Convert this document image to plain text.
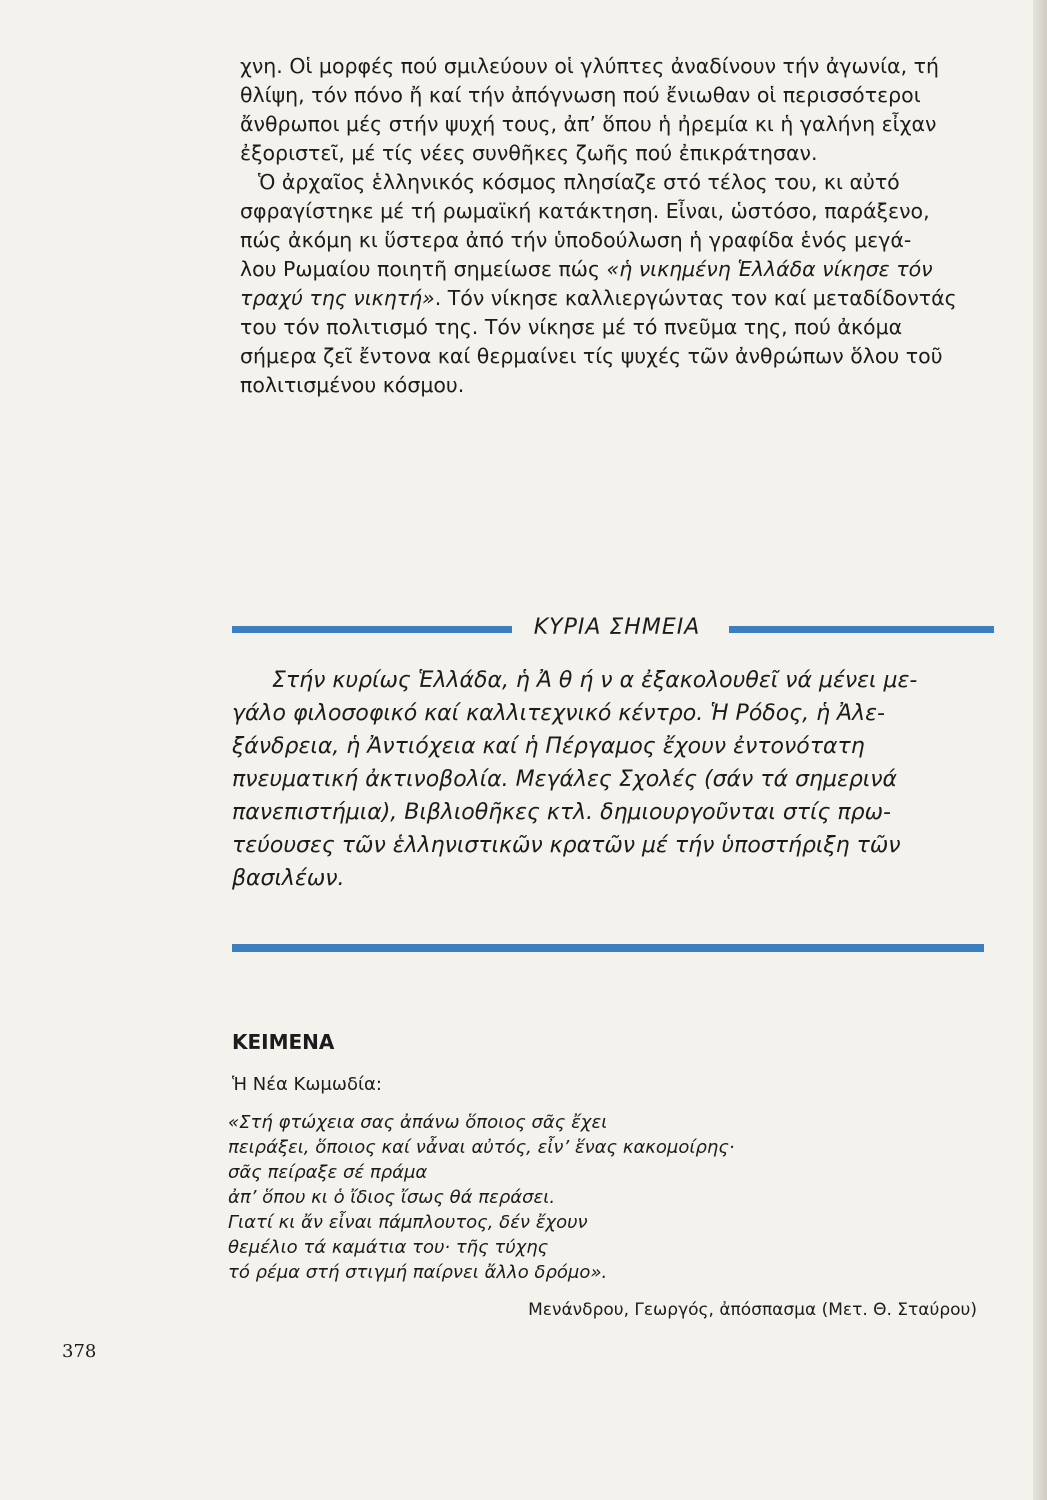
χνη. Οἱ μορφές πού σμιλεύουν οἱ γλύπτες ἀναδίνουν τήν ἀγωνία, τή
θλίψη, τόν πόνο ἤ καί τήν ἀπόγνωση πού ἔνιωθαν οἱ περισσότεροι
ἄνθρωποι μές στήν ψυχή τους, ἀπ’ ὅπου ἡ ἠρεμία κι ἡ γαλήνη εἶχαν
ἐξοριστεῖ, μέ τίς νέες συνθῆκες ζωῆς πού ἐπικράτησαν.
Ὁ ἀρχαῖος ἑλληνικός κόσμος πλησίαζε στό τέλος του, κι αὐτό
σφραγίστηκε μέ τή ρωμαϊκή κατάκτηση. Εἶναι, ὡστόσο, παράξενο,
πώς ἀκόμη κι ὕστερα ἀπό τήν ὑποδούλωση ἡ γραφίδα ἑνός μεγά-
λου Ρωμαίου ποιητῆ σημείωσε πώς «ἡ νικημένη Ἑλλάδα νίκησε τόν
τραχύ της νικητή». Τόν νίκησε καλλιεργώντας τον καί μεταδίδοντάς
του τόν πολιτισμό της. Τόν νίκησε μέ τό πνεῦμα της, πού ἀκόμα
σήμερα ζεῖ ἔντονα καί θερμαίνει τίς ψυχές τῶν ἀνθρώπων ὅλου τοῦ
πολιτισμένου κόσμου.
ΚΥΡΙΑ ΣΗΜΕΙΑ
Στήν κυρίως Ἑλλάδα, ἡ Ἀ θ ή ν α ἐξακολουθεῖ νά μένει με-
γάλο φιλοσοφικό καί καλλιτεχνικό κέντρο. Ἡ Ρόδος, ἡ Ἀλε-
ξάνδρεια, ἡ Ἀντιόχεια καί ἡ Πέργαμος ἔχουν ἐντονότατη
πνευματική ἀκτινοβολία. Μεγάλες Σχολές (σάν τά σημερινά
πανεπιστήμια), Βιβλιοθῆκες κτλ. δημιουργοῦνται στίς πρω-
τεύουσες τῶν ἑλληνιστικῶν κρατῶν μέ τήν ὑποστήριξη τῶν
βασιλέων.
ΚΕΙΜΕΝΑ
Ἡ Νέα Κωμωδία:
«Στή φτώχεια σας ἀπάνω ὅποιος σᾶς ἔχει
πειράξει, ὅποιος καί νἆναι αὐτός, εἶν’ ἕνας κακομοίρης·
σᾶς πείραξε σέ πράμα
ἀπ’ ὅπου κι ὁ ἴδιος ἴσως θά περάσει.
Γιατί κι ἄν εἶναι πάμπλουτος, δέν ἔχουν
θεμέλιο τά καμάτια του· τῆς τύχης
τό ρέμα στή στιγμή παίρνει ἄλλο δρόμο».
Μενάνδρου, Γεωργός, ἀπόσπασμα (Μετ. Θ. Σταύρου)
378
